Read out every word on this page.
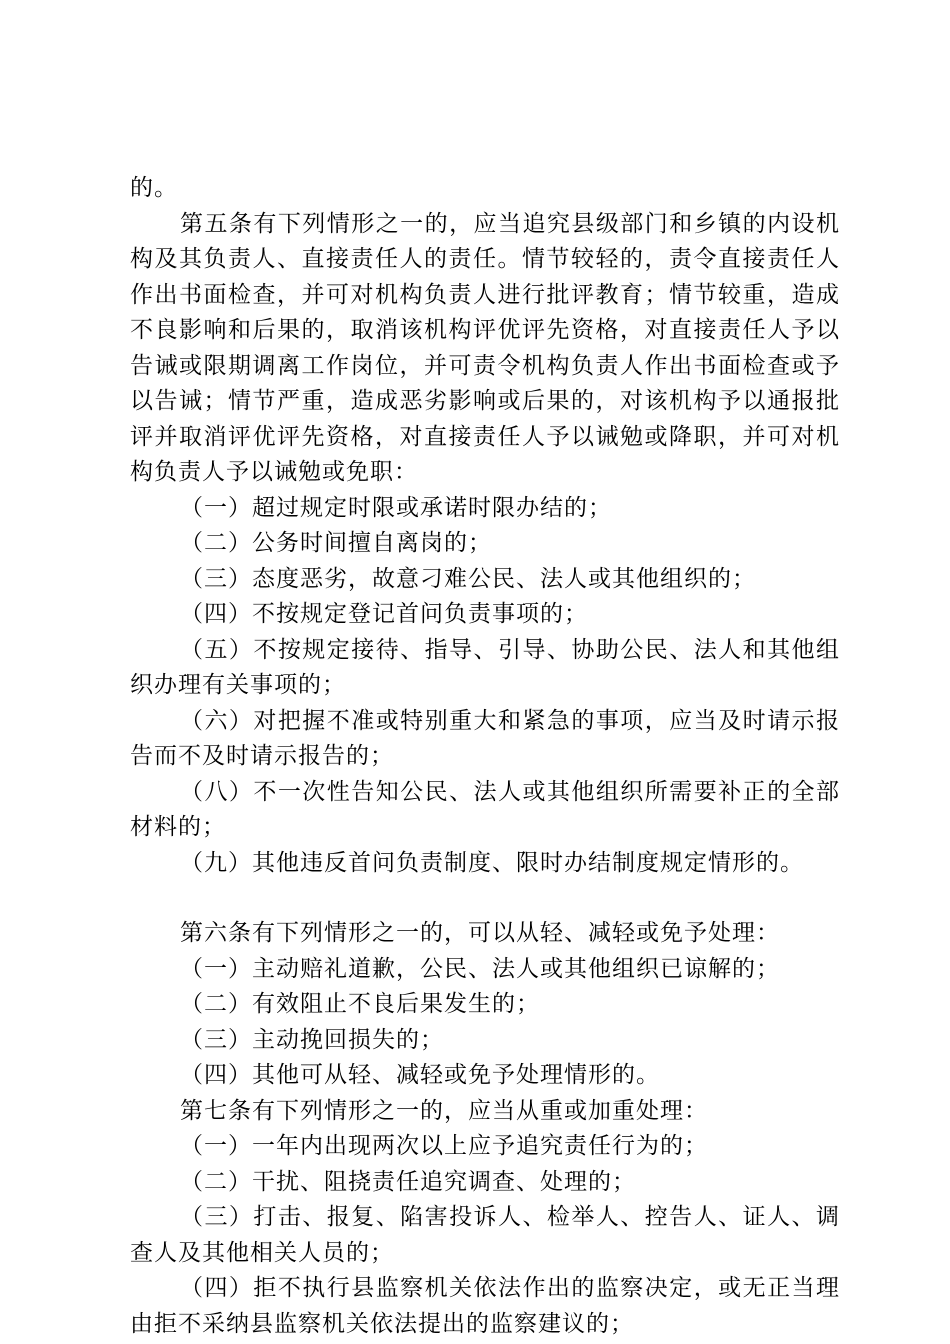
的。

第五条有下列情形之一的，应当追究县级部门和乡镇的内设机构及其负责人、直接责任人的责任。情节较轻的，责令直接责任人作出书面检查，并可对机构负责人进行批评教育；情节较重，造成不良影响和后果的，取消该机构评优评先资格，对直接责任人予以告诫或限期调离工作岗位，并可责令机构负责人作出书面检查或予以告诫；情节严重，造成恶劣影响或后果的，对该机构予以通报批评并取消评优评先资格，对直接责任人予以诫勉或降职，并可对机构负责人予以诫勉或免职：

（一）超过规定时限或承诺时限办结的；

（二）公务时间擅自离岗的；

（三）态度恶劣，故意刁难公民、法人或其他组织的；

（四）不按规定登记首问负责事项的；

（五）不按规定接待、指导、引导、协助公民、法人和其他组织办理有关事项的；

（六）对把握不准或特别重大和紧急的事项，应当及时请示报告而不及时请示报告的；

（八）不一次性告知公民、法人或其他组织所需要补正的全部材料的；

（九）其他违反首问负责制度、限时办结制度规定情形的。

第六条有下列情形之一的，可以从轻、减轻或免予处理：

（一）主动赔礼道歉，公民、法人或其他组织已谅解的；

（二）有效阻止不良后果发生的；

（三）主动挽回损失的；

（四）其他可从轻、减轻或免予处理情形的。

第七条有下列情形之一的，应当从重或加重处理：

（一）一年内出现两次以上应予追究责任行为的；

（二）干扰、阻挠责任追究调查、处理的；

（三）打击、报复、陷害投诉人、检举人、控告人、证人、调查人及其他相关人员的；

（四）拒不执行县监察机关依法作出的监察决定，或无正当理由拒不采纳县监察机关依法提出的监察建议的；
